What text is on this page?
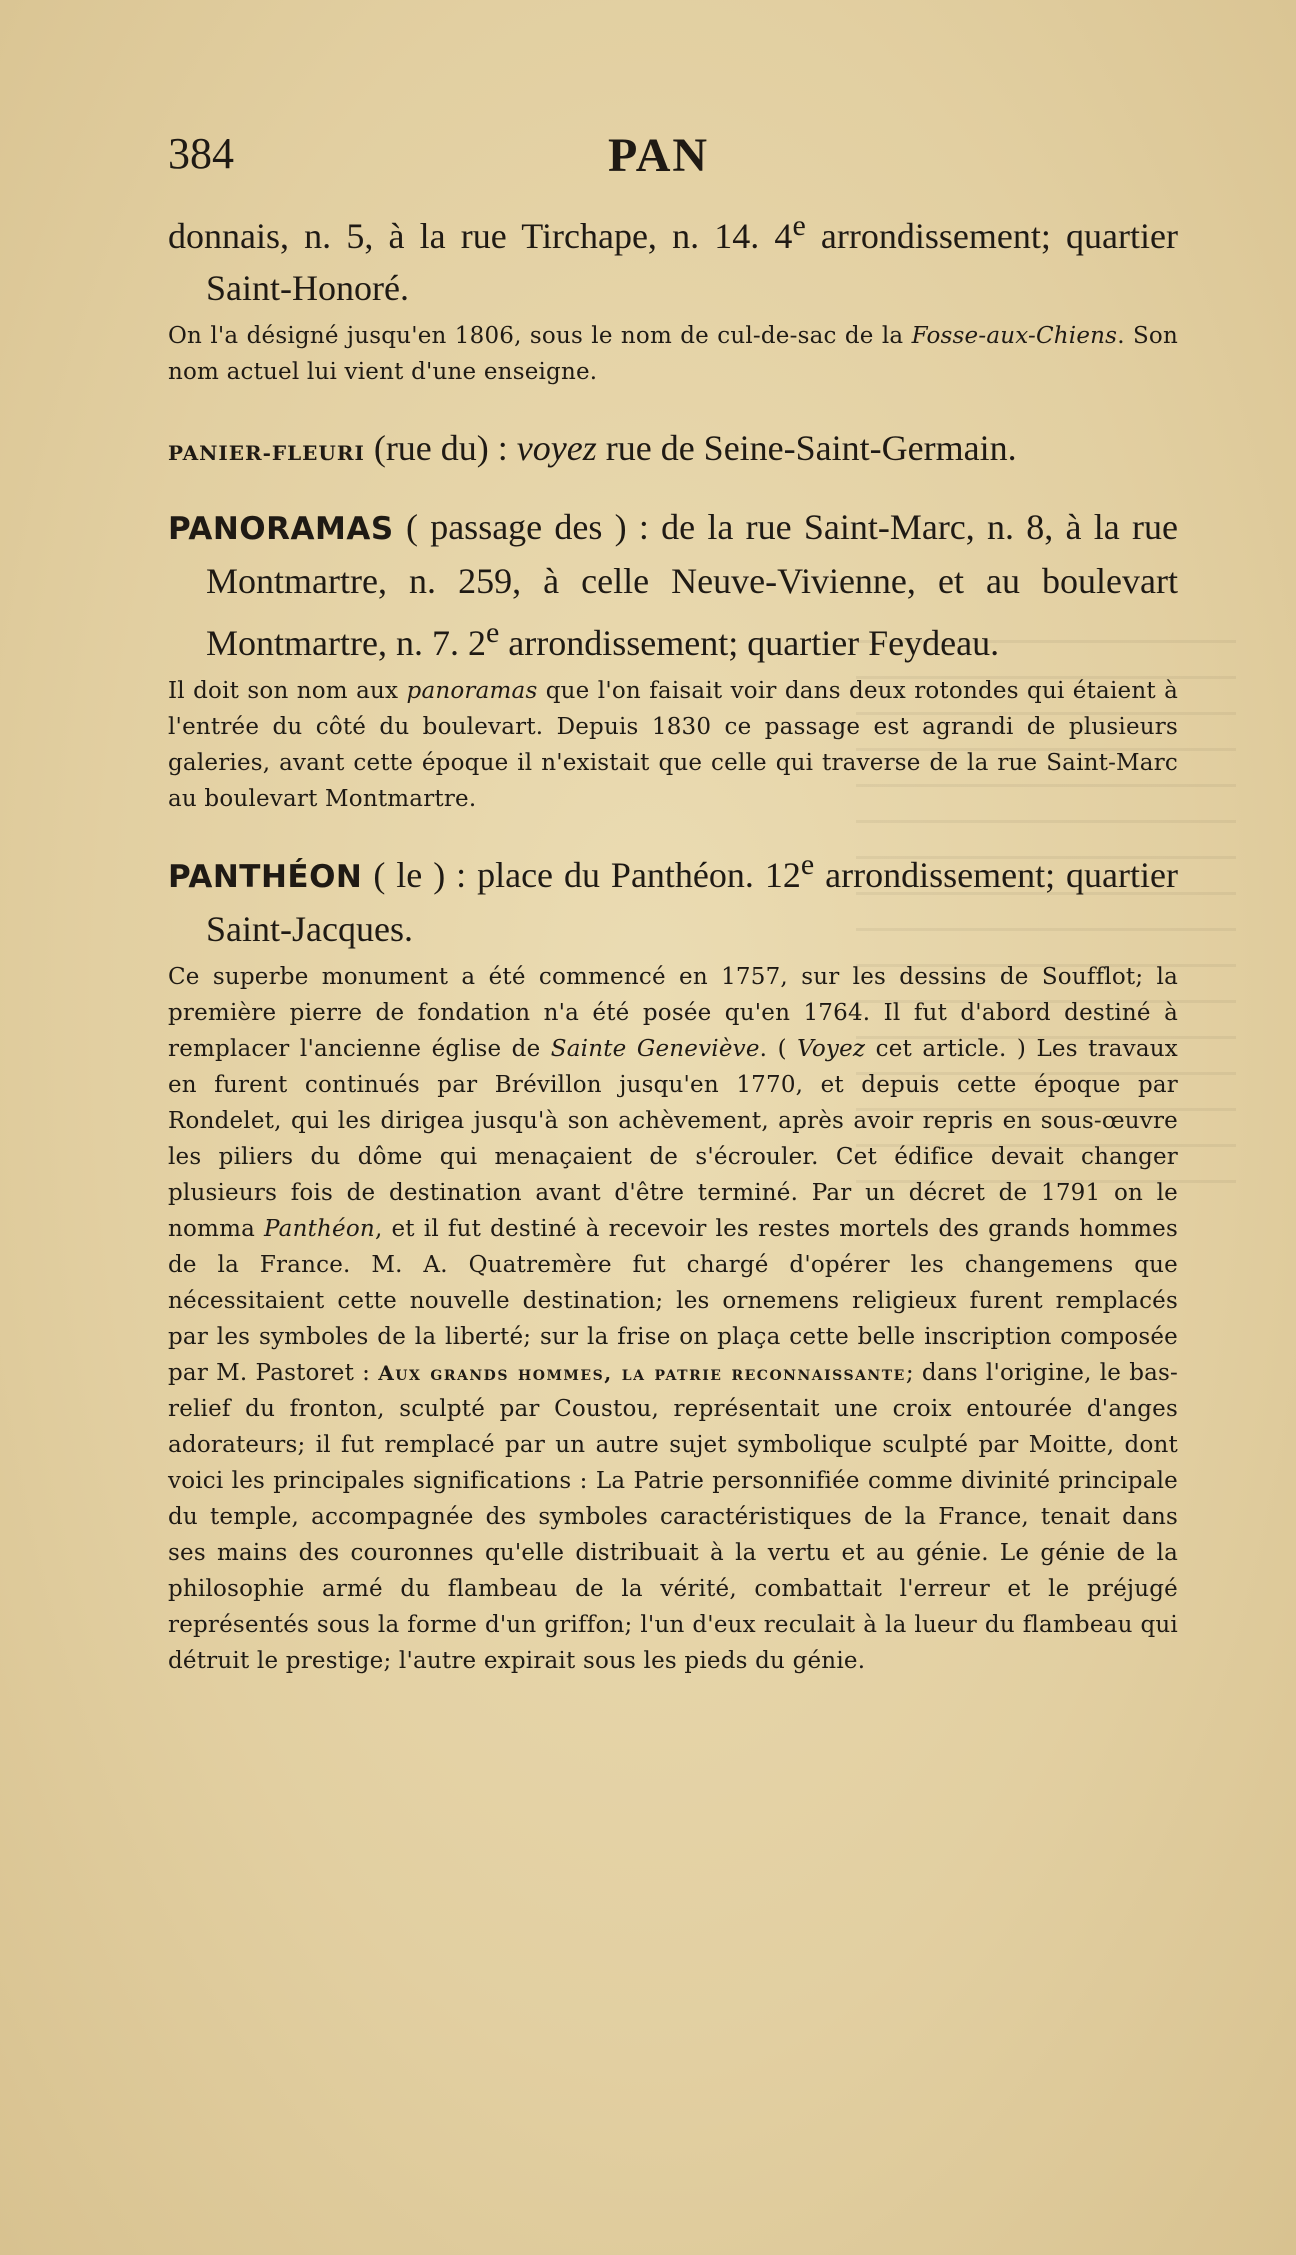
384	PAN

donnais, n. 5, à la rue Tirchape, n. 14. 4e arrondissement; quartier Saint-Honoré.

On l'a désigné jusqu'en 1806, sous le nom de cul-de-sac de la Fosse-aux-Chiens. Son nom actuel lui vient d'une enseigne.

PANIER-FLEURI (rue du) : voyez rue de Seine-Saint-Germain.

PANORAMAS ( passage des ) : de la rue Saint-Marc, n. 8, à la rue Montmartre, n. 259, à celle Neuve-Vivienne, et au boulevart Montmartre, n. 7. 2e arrondissement; quartier Feydeau.

Il doit son nom aux panoramas que l'on faisait voir dans deux rotondes qui étaient à l'entrée du côté du boulevart. Depuis 1830 ce passage est agrandi de plusieurs galeries, avant cette époque il n'existait que celle qui traverse de la rue Saint-Marc au boulevart Montmartre.

PANTHÉON ( le ) : place du Panthéon. 12e arrondissement; quartier Saint-Jacques.

Ce superbe monument a été commencé en 1757, sur les dessins de Soufflot; la première pierre de fondation n'a été posée qu'en 1764. Il fut d'abord destiné à remplacer l'ancienne église de Sainte Geneviève. ( Voyez cet article. ) Les travaux en furent continués par Brévillon jusqu'en 1770, et depuis cette époque par Rondelet, qui les dirigea jusqu'à son achèvement, après avoir repris en sous-œuvre les piliers du dôme qui menaçaient de s'écrouler. Cet édifice devait changer plusieurs fois de destination avant d'être terminé. Par un décret de 1791 on le nomma Panthéon, et il fut destiné à recevoir les restes mortels des grands hommes de la France. M. A. Quatremère fut chargé d'opérer les changemens que nécessitaient cette nouvelle destination; les ornemens religieux furent remplacés par les symboles de la liberté; sur la frise on plaça cette belle inscription composée par M. Pastoret : Aux grands hommes, la patrie reconnaissante; dans l'origine, le bas-relief du fronton, sculpté par Coustou, représentait une croix entourée d'anges adorateurs; il fut remplacé par un autre sujet symbolique sculpté par Moitte, dont voici les principales significations : La Patrie personnifiée comme divinité principale du temple, accompagnée des symboles caractéristiques de la France, tenait dans ses mains des couronnes qu'elle distribuait à la vertu et au génie. Le génie de la philosophie armé du flambeau de la vérité, combattait l'erreur et le préjugé représentés sous la forme d'un griffon; l'un d'eux reculait à la lueur du flambeau qui détruit le prestige; l'autre expirait sous les pieds du génie.
